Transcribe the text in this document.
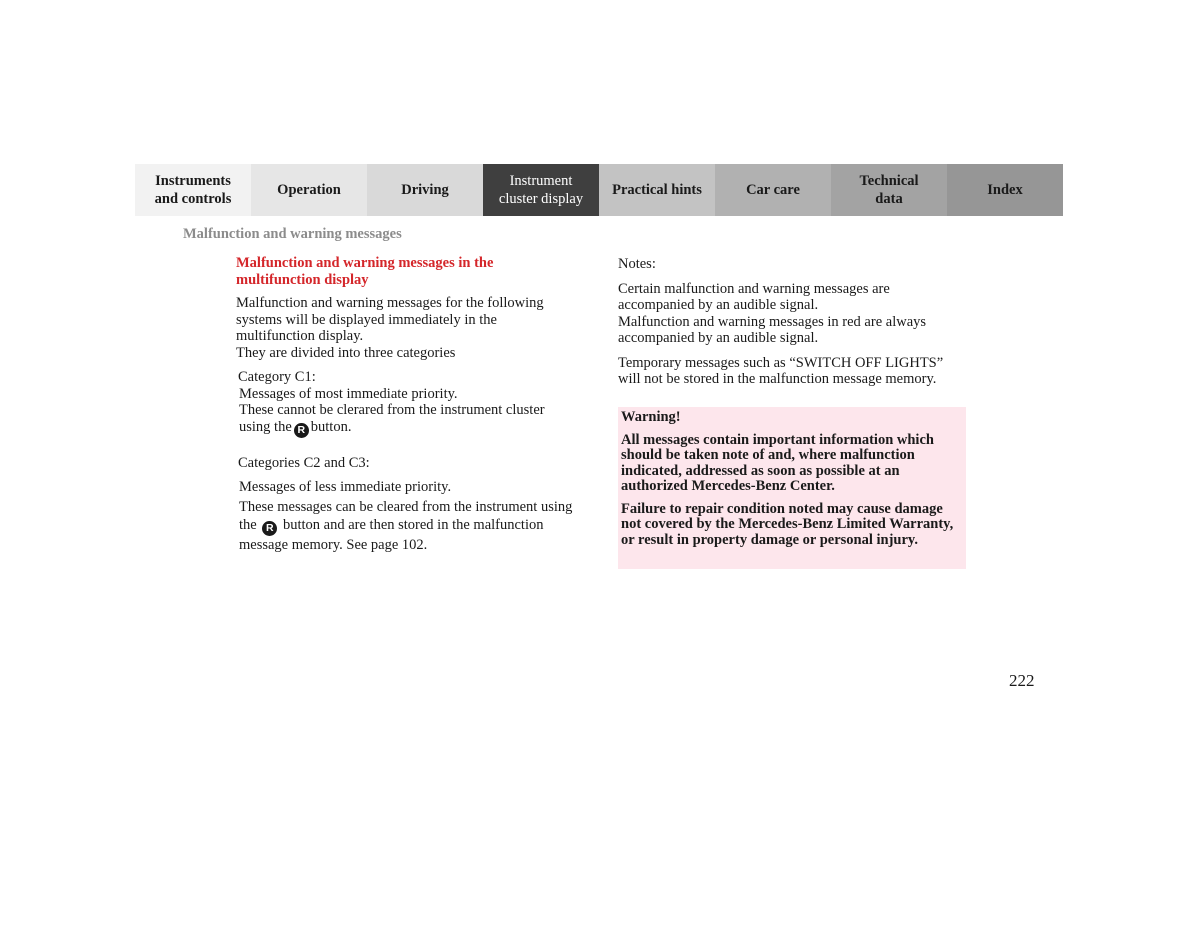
Instruments
and controls
Operation	Driving
Instrument
cluster display
Practical hints	Car care
Technical
data
Index
Malfunction and warning messages

Malfunction and warning messages in the multifunction display

Malfunction and warning messages for the following systems will be displayed immediately in the multifunction display.

They are divided into three categories

Category C1:

Messages of most immediate priority.

These cannot be clerared from the instrument cluster using the R button.

Categories C2 and C3:

Messages of less immediate priority.

These messages can be cleared from the instrument using the R button and are then stored in the malfunction message memory. See page 102.

Notes:

Certain malfunction and warning messages are accompanied by an audible signal.

Malfunction and warning messages in red are always accompanied by an audible signal.

Temporary messages such as “SWITCH OFF LIGHTS” will not be stored in the malfunction message memory.

Warning!

All messages contain important information which should be taken note of and, where malfunction indicated, addressed as soon as possible at an authorized Mercedes-Benz Center.

Failure to repair condition noted may cause damage not covered by the Mercedes-Benz Limited Warranty, or result in property damage or personal injury.

222
